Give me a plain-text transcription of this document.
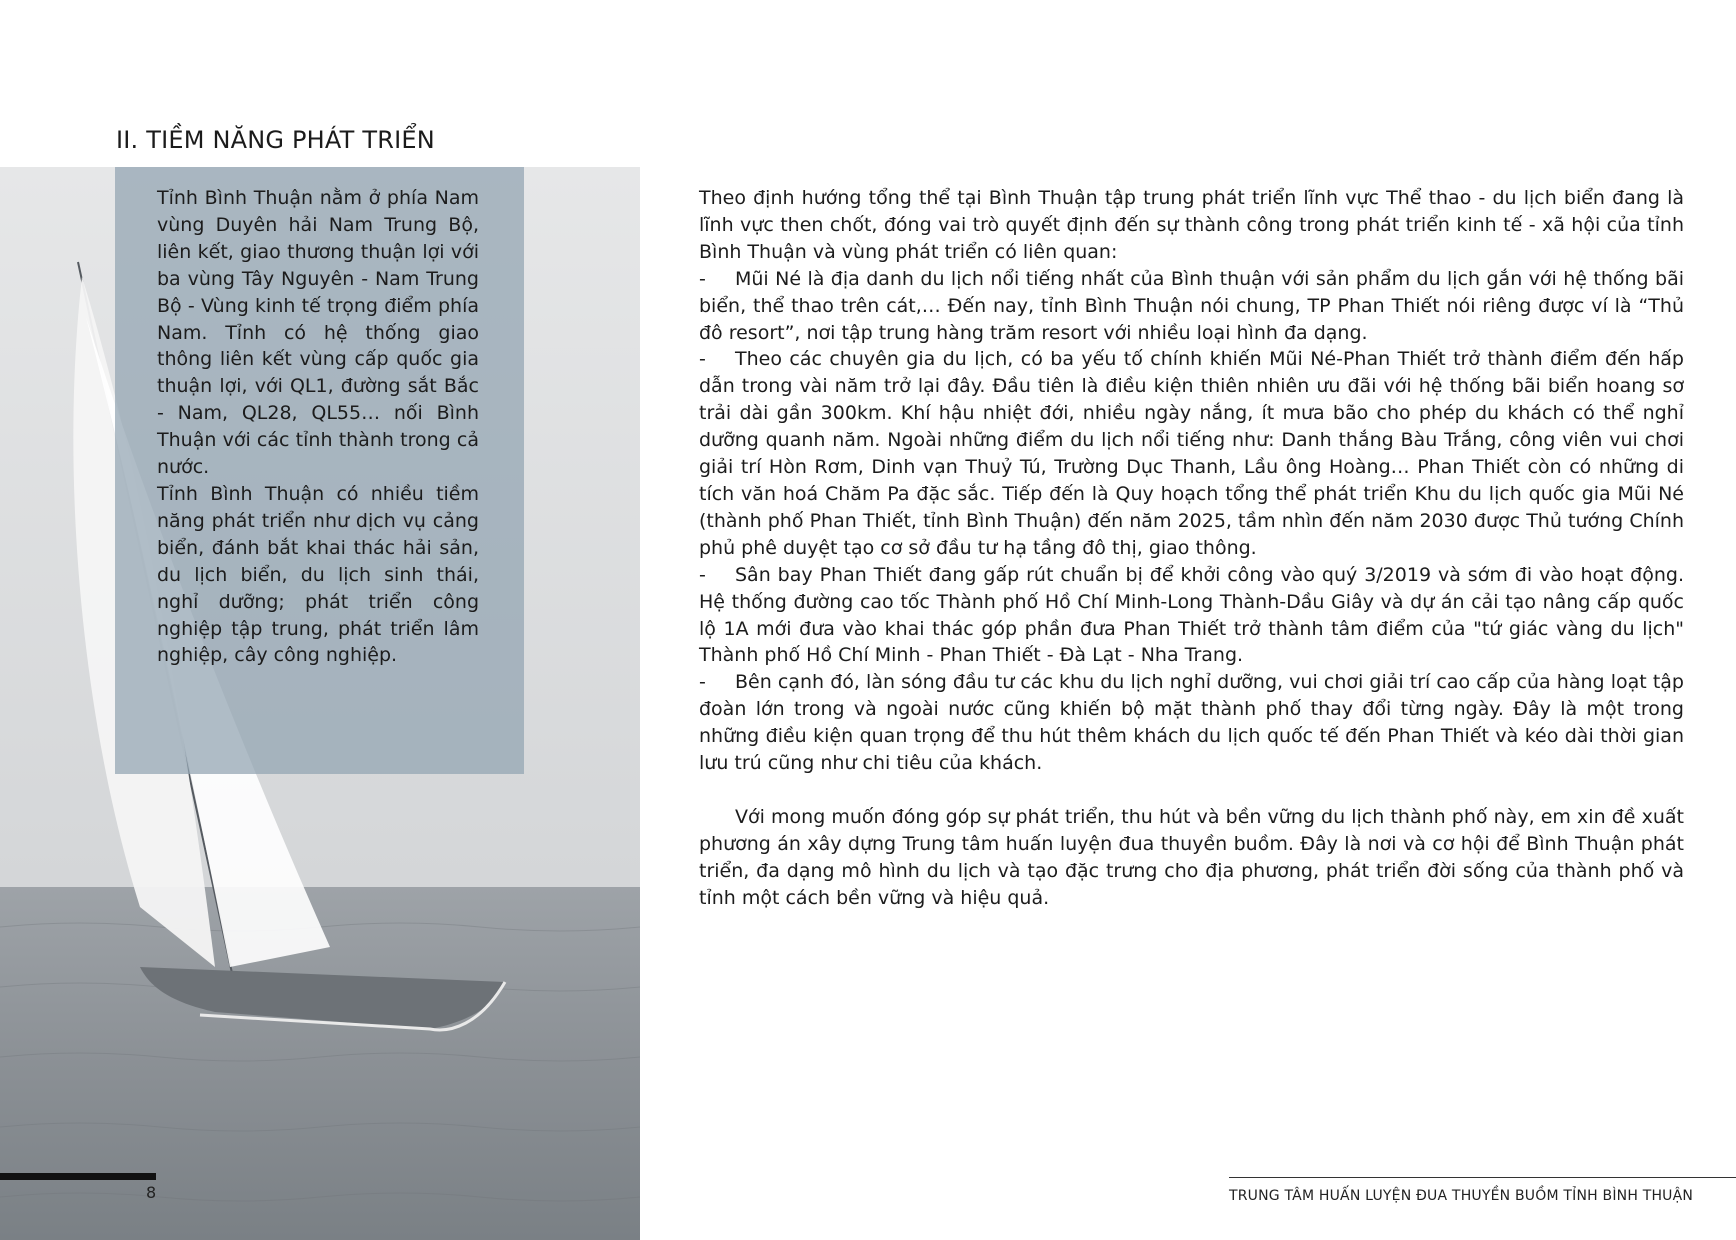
II. TIỀM NĂNG PHÁT TRIỂN

Tỉnh Bình Thuận nằm ở phía Nam vùng Duyên hải Nam Trung Bộ, liên kết, giao thương thuận lợi với ba vùng Tây Nguyên - Nam Trung Bộ - Vùng kinh tế trọng điểm phía Nam. Tỉnh có hệ thống giao thông liên kết vùng cấp quốc gia thuận lợi, với QL1, đường sắt Bắc - Nam, QL28, QL55… nối Bình Thuận với các tỉnh thành trong cả nước.

Tỉnh Bình Thuận có nhiều tiềm năng phát triển như dịch vụ cảng biển, đánh bắt khai thác hải sản, du lịch biển, du lịch sinh thái, nghỉ dưỡng; phát triển công nghiệp tập trung, phát triển lâm nghiệp, cây công nghiệp.

Theo định hướng tổng thể tại Bình Thuận tập trung phát triển lĩnh vực Thể thao - du lịch biển đang là lĩnh vực then chốt, đóng vai trò quyết định đến sự thành công trong phát triển kinh tế - xã hội của tỉnh Bình Thuận và vùng phát triển có liên quan:

- Mũi Né là địa danh du lịch nổi tiếng nhất của Bình thuận với sản phẩm du lịch gắn với hệ thống bãi biển, thể thao trên cát,… Đến nay, tỉnh Bình Thuận nói chung, TP Phan Thiết nói riêng được ví là “Thủ đô resort”, nơi tập trung hàng trăm resort với nhiều loại hình đa dạng.

- Theo các chuyên gia du lịch, có ba yếu tố chính khiến Mũi Né-Phan Thiết trở thành điểm đến hấp dẫn trong vài năm trở lại đây. Đầu tiên là điều kiện thiên nhiên ưu đãi với hệ thống bãi biển hoang sơ trải dài gần 300km. Khí hậu nhiệt đới, nhiều ngày nắng, ít mưa bão cho phép du khách có thể nghỉ dưỡng quanh năm. Ngoài những điểm du lịch nổi tiếng như: Danh thắng Bàu Trắng, công viên vui chơi giải trí Hòn Rơm, Dinh vạn Thuỷ Tú, Trường Dục Thanh, Lầu ông Hoàng… Phan Thiết còn có những di tích văn hoá Chăm Pa đặc sắc. Tiếp đến là Quy hoạch tổng thể phát triển Khu du lịch quốc gia Mũi Né (thành phố Phan Thiết, tỉnh Bình Thuận) đến năm 2025, tầm nhìn đến năm 2030 được Thủ tướng Chính phủ phê duyệt tạo cơ sở đầu tư hạ tầng đô thị, giao thông.

- Sân bay Phan Thiết đang gấp rút chuẩn bị để khởi công vào quý 3/2019 và sớm đi vào hoạt động. Hệ thống đường cao tốc Thành phố Hồ Chí Minh-Long Thành-Dầu Giây và dự án cải tạo nâng cấp quốc lộ 1A mới đưa vào khai thác góp phần đưa Phan Thiết trở thành tâm điểm của "tứ giác vàng du lịch" Thành phố Hồ Chí Minh - Phan Thiết - Đà Lạt - Nha Trang.

- Bên cạnh đó, làn sóng đầu tư các khu du lịch nghỉ dưỡng, vui chơi giải trí cao cấp của hàng loạt tập đoàn lớn trong và ngoài nước cũng khiến bộ mặt thành phố thay đổi từng ngày. Đây là một trong những điều kiện quan trọng để thu hút thêm khách du lịch quốc tế đến Phan Thiết và kéo dài thời gian lưu trú cũng như chi tiêu của khách.

Với mong muốn đóng góp sự phát triển, thu hút và bền vững du lịch thành phố này, em xin đề xuất phương án xây dựng Trung tâm huấn luyện đua thuyền buồm. Đây là nơi và cơ hội để Bình Thuận phát triển, đa dạng mô hình du lịch và tạo đặc trưng cho địa phương, phát triển đời sống của thành phố và tỉnh một cách bền vững và hiệu quả.

8	TRUNG TÂM HUẤN LUYỆN ĐUA THUYỀN BUỒM TỈNH BÌNH THUẬN
